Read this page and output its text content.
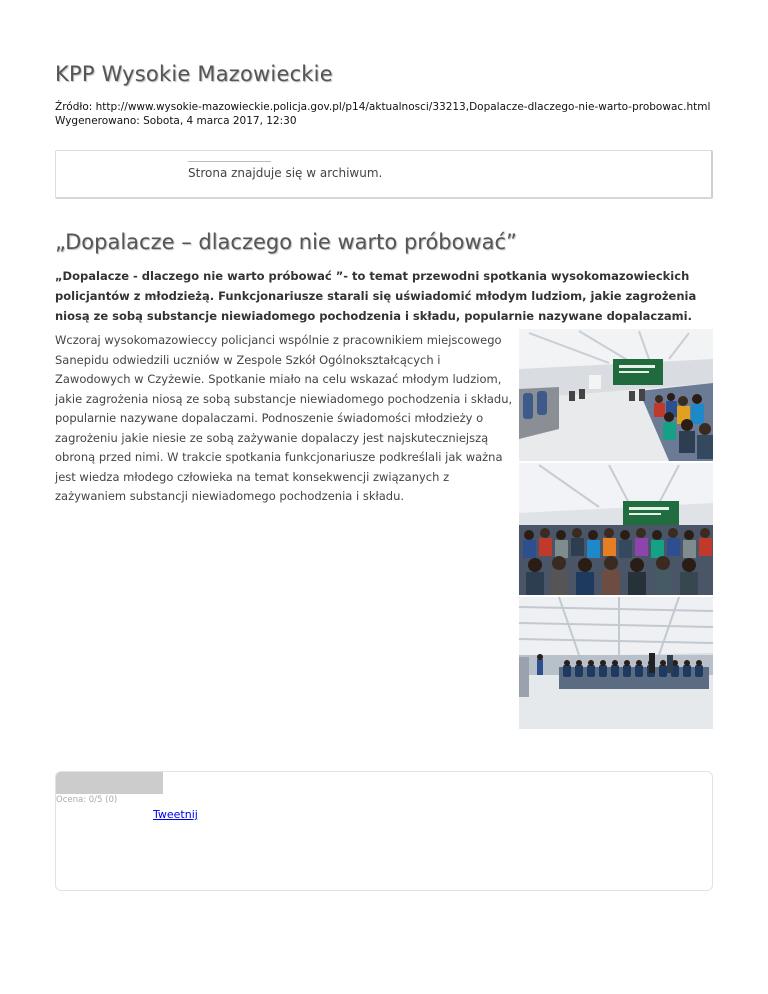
KPP Wysokie Mazowieckie
Źródło: http://www.wysokie-mazowieckie.policja.gov.pl/p14/aktualnosci/33213,Dopalacze-dlaczego-nie-warto-probowac.html
Wygenerowano: Sobota, 4 marca 2017, 12:30
Strona znajduje się w archiwum.
„Dopalacze – dlaczego nie warto próbować”

„Dopalacze - dlaczego nie warto próbować ”- to temat przewodni spotkania wysokomazowieckich policjantów z młodzieżą. Funkcjonariusze starali się uświadomić młodym ludziom, jakie zagrożenia niosą ze sobą substancje niewiadomego pochodzenia i składu, popularnie nazywane dopalaczami.

Wczoraj wysokomazowieccy policjanci wspólnie z pracownikiem miejscowego Sanepidu odwiedzili uczniów w Zespole Szkół Ogólnokształcących i Zawodowych w Czyżewie. Spotkanie miało na celu wskazać młodym ludziom, jakie zagrożenia niosą ze sobą substancje niewiadomego pochodzenia i składu, popularnie nazywane dopalaczami. Podnoszenie świadomości młodzieży o zagrożeniu jakie niesie ze sobą zażywanie dopalaczy jest najskuteczniejszą obroną przed nimi. W trakcie spotkania funkcjonariusze podkreślali jak ważna jest wiedza młodego człowieka na temat konsekwencji związanych z zażywaniem substancji niewiadomego pochodzenia i składu.

Ocena: 0/5 (0)
Tweetnij
